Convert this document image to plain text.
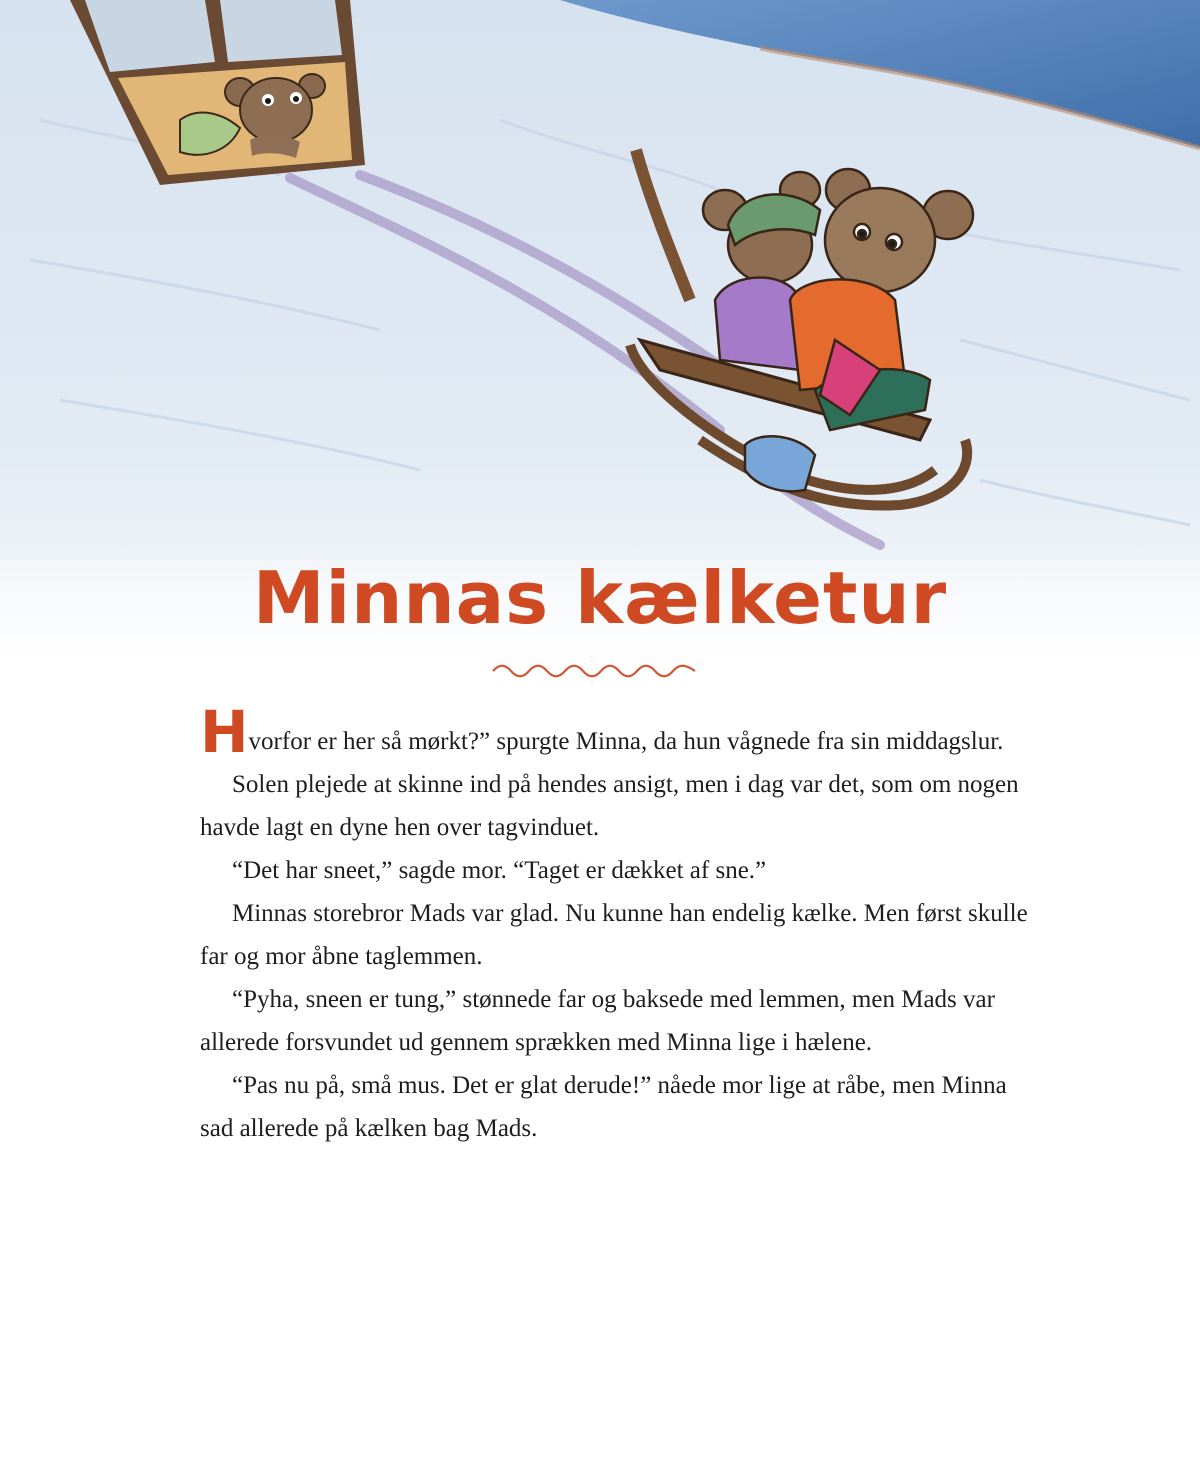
Minnas kælketur

Hvorfor er her så mørkt?” spurgte Minna, da hun vågnede fra sin middagslur.

Solen plejede at skinne ind på hendes ansigt, men i dag var det, som om nogen havde lagt en dyne hen over tagvinduet.

“Det har sneet,” sagde mor. “Taget er dækket af sne.”

Minnas storebror Mads var glad. Nu kunne han endelig kælke. Men først skulle far og mor åbne taglemmen.

“Pyha, sneen er tung,” stønnede far og baksede med lemmen, men Mads var allerede forsvundet ud gennem sprækken med Minna lige i hælene.

“Pas nu på, små mus. Det er glat derude!” nåede mor lige at råbe, men Minna sad allerede på kælken bag Mads.
